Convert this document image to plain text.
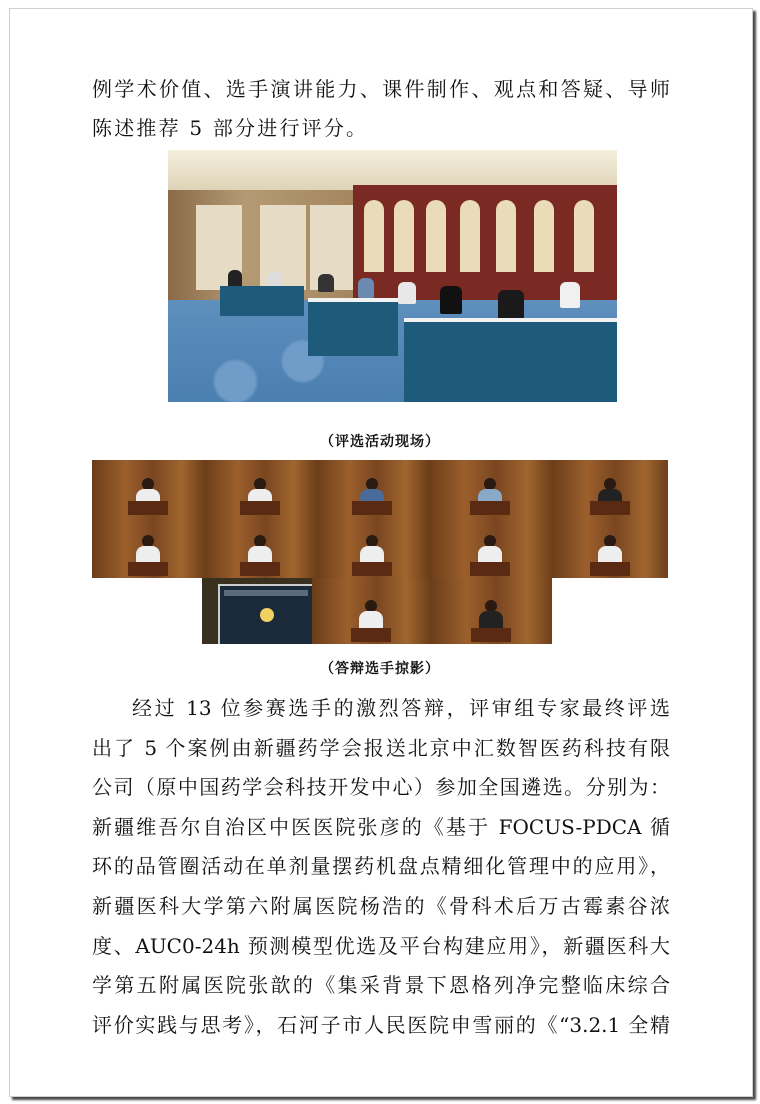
例学术价值、选手演讲能力、课件制作、观点和答疑、导师
陈述推荐 5 部分进行评分。
（评选活动现场）
（答辩选手掠影）
经过 13 位参赛选手的激烈答辩，评审组专家最终评选
出了 5 个案例由新疆药学会报送北京中汇数智医药科技有限
公司（原中国药学会科技开发中心）参加全国遴选。分别为：
新疆维吾尔自治区中医医院张彦的《基于 FOCUS-PDCA 循
环的品管圈活动在单剂量摆药机盘点精细化管理中的应用》，
新疆医科大学第六附属医院杨浩的《骨科术后万古霉素谷浓
度、AUC0-24h 预测模型优选及平台构建应用》，新疆医科大
学第五附属医院张歆的《集采背景下恩格列净完整临床综合
评价实践与思考》，石河子市人民医院申雪丽的《“3.2.1 全精
